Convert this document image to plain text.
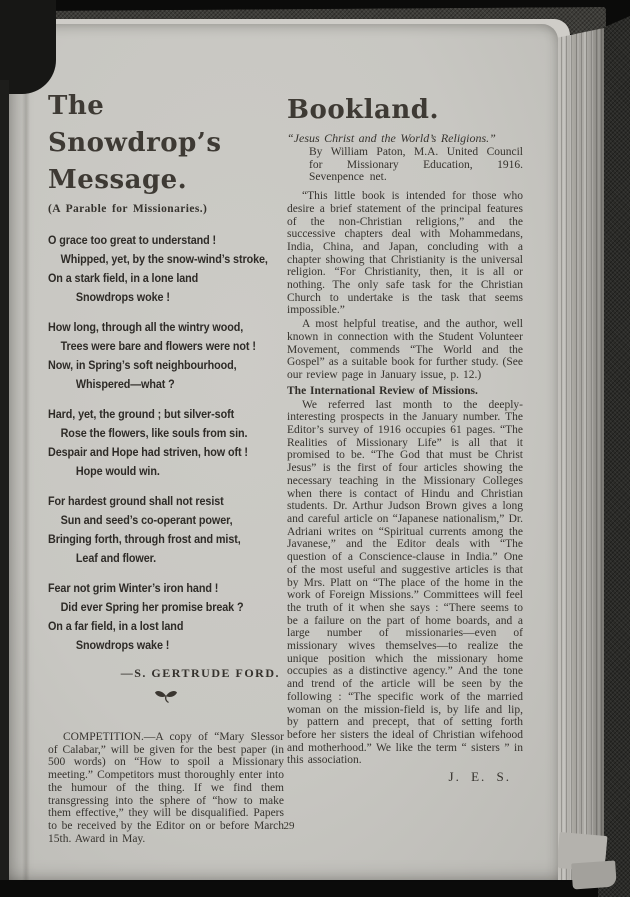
The Snowdrop’s Message.

(A Parable for Missionaries.)

O grace too great to understand !
Whipped, yet, by the snow-wind’s stroke,
On a stark field, in a lone land
Snowdrops woke !
How long, through all the wintry wood,
Trees were bare and flowers were not !
Now, in Spring’s soft neighbourhood,
Whispered—what ?
Hard, yet, the ground ; but silver-soft
Rose the flowers, like souls from sin.
Despair and Hope had striven, how oft !
Hope would win.
For hardest ground shall not resist
Sun and seed’s co-operant power,
Bringing forth, through frost and mist,
Leaf and flower.
Fear not grim Winter’s iron hand !
Did ever Spring her promise break ?
On a far field, in a lost land
Snowdrops wake !

—S. GERTRUDE FORD.

COMPETITION.—A copy of “Mary Slessor of Calabar,” will be given for the best paper (in 500 words) on “How to spoil a Missionary meeting.” Competitors must thoroughly enter into the humour of the thing. If we find them transgressing into the sphere of “how to make them effective,” they will be disqualified. Papers to be received by the Editor on or before March 15th. Award in May.

Bookland.

“Jesus Christ and the World’s Religions.”

By William Paton, M.A. United Council for Missionary Education, 1916. Sevenpence net.

“This little book is intended for those who desire a brief statement of the principal features of the non-Christian religions,” and the successive chapters deal with Mohammedans, India, China, and Japan, concluding with a chapter showing that Christianity is the universal religion. “For Christianity, then, it is all or nothing. The only safe task for the Christian Church to undertake is the task that seems impossible.”

A most helpful treatise, and the author, well known in connection with the Student Volunteer Movement, commends “The World and the Gospel” as a suitable book for further study. (See our review page in January issue, p. 12.)

The International Review of Missions.

We referred last month to the deeply-interesting prospects in the January number. The Editor’s survey of 1916 occupies 61 pages. “The Realities of Missionary Life” is all that it promised to be. “The God that must be Christ Jesus” is the first of four articles showing the necessary teaching in the Missionary Colleges when there is contact of Hindu and Christian students. Dr. Arthur Judson Brown gives a long and careful article on “Japanese nationalism,” Dr. Adriani writes on “Spiritual currents among the Javanese,” and the Editor deals with “The question of a Conscience-clause in India.” One of the most useful and suggestive articles is that by Mrs. Platt on “The place of the home in the work of Foreign Missions.” Committees will feel the truth of it when she says : “There seems to be a failure on the part of home boards, and a large number of missionaries—even of missionary wives themselves—to realize the unique position which the missionary home occupies as a distinctive agency.” And the tone and trend of the article will be seen by the following : “The specific work of the married woman on the mission-field is, by life and lip, by pattern and precept, that of setting forth before her sisters the ideal of Christian wifehood and motherhood.” We like the term “ sisters ” in this association.

J. E. S.

29
